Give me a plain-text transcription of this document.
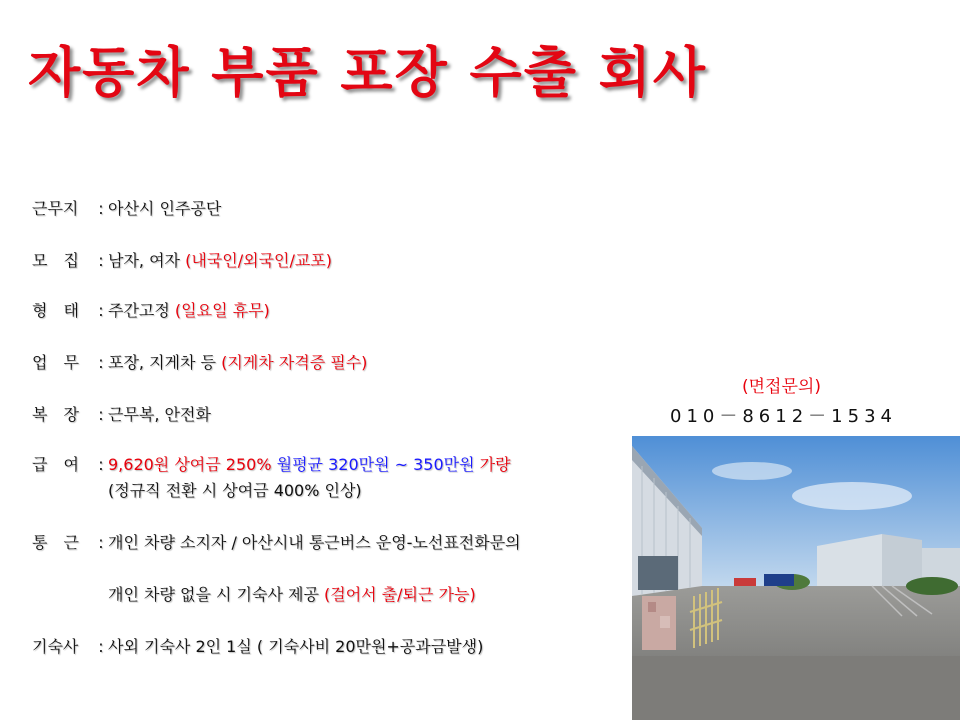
자동차 부품 포장 수출 회사
근무지 : 아산시 인주공단
모　집 : 남자, 여자 (내국인/외국인/교포)
형　태 : 주간고정 (일요일 휴무)
업　무 : 포장, 지게차 등 (지게차 자격증 필수)
복　장 : 근무복, 안전화
급　여 : 9,620원 상여금 250% 월평균 320만원 ~ 350만원 가량
(정규직 전환 시 상여금 400% 인상)
통　근 : 개인 차량 소지자 / 아산시내 통근버스 운영-노선표전화문의
개인 차량 없을 시 기숙사 제공 (걸어서 출/퇴근 가능)
기숙사 : 사외 기숙사 2인 1실 ( 기숙사비 20만원+공과금발생)
(면접문의)
010－8612－1534
